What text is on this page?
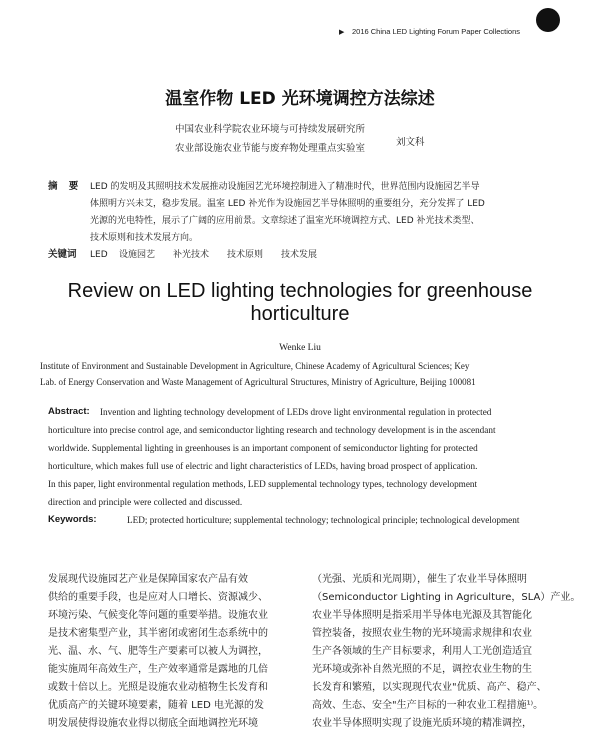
▶ 2016 China LED Lighting Forum Paper Collections
温室作物 LED 光环境调控方法综述
中国农业科学院农业环境与可持续发展研究所
农业部设施农业节能与废弃物处理重点实验室
刘文科
摘 要 LED 的发明及其照明技术发展推动设施园艺光环境控制进入了精准时代，世界范围内设施园艺半导
体照明方兴未艾，稳步发展。温室 LED 补光作为设施园艺半导体照明的重要组分，充分发挥了 LED
光源的光电特性，展示了广阔的应用前景。文章综述了温室光环境调控方式、LED 补光技术类型、
技术原则和技术发展方向。
关键词 LED 设施园艺 补光技术 技术原则 技术发展
Review on LED lighting technologies for greenhouse
horticulture
Wenke Liu
Institute of Environment and Sustainable Development in Agriculture, Chinese Academy of Agricultural Sciences; Key
Lab. of Energy Conservation and Waste Management of Agricultural Structures, Ministry of Agriculture, Beijing 100081
Abstract: Invention and lighting technology development of LEDs drove light environmental regulation in protected
horticulture into precise control age, and semiconductor lighting research and technology development is in the ascendant
worldwide. Supplemental lighting in greenhouses is an important component of semiconductor lighting for protected
horticulture, which makes full use of electric and light characteristics of LEDs, having broad prospect of application.
In this paper, light environmental regulation methods, LED supplemental technology types, technology development
direction and principle were collected and discussed.
Keywords:	LED; protected horticulture; supplemental technology; technological principle; technological development
发展现代设施园艺产业是保障国家农产品有效
供给的重要手段，也是应对人口增长、资源减少、
环境污染、气候变化等问题的重要举措。设施农业
是技术密集型产业，其半密闭或密闭生态系统中的
光、温、水、气、肥等生产要素可以被人为调控，
能实施周年高效生产，生产效率通常是露地的几倍
或数十倍以上。光照是设施农业动植物生长发育和
优质高产的关键环境要素，随着 LED 电光源的发
明发展使得设施农业得以彻底全面地调控光环境
（光强、光质和光周期），催生了农业半导体照明
（Semiconductor Lighting in Agriculture，SLA）产业。
农业半导体照明是指采用半导体电光源及其智能化
管控装备，按照农业生物的光环境需求规律和农业
生产各领域的生产目标要求，利用人工光创造适宜
光环境或弥补自然光照的不足，调控农业生物的生
长发育和繁殖，以实现现代农业"优质、高产、稳产、
高效、生态、安全"生产目标的一种农业工程措施¹⁾。
农业半导体照明实现了设施光质环境的精准调控，
